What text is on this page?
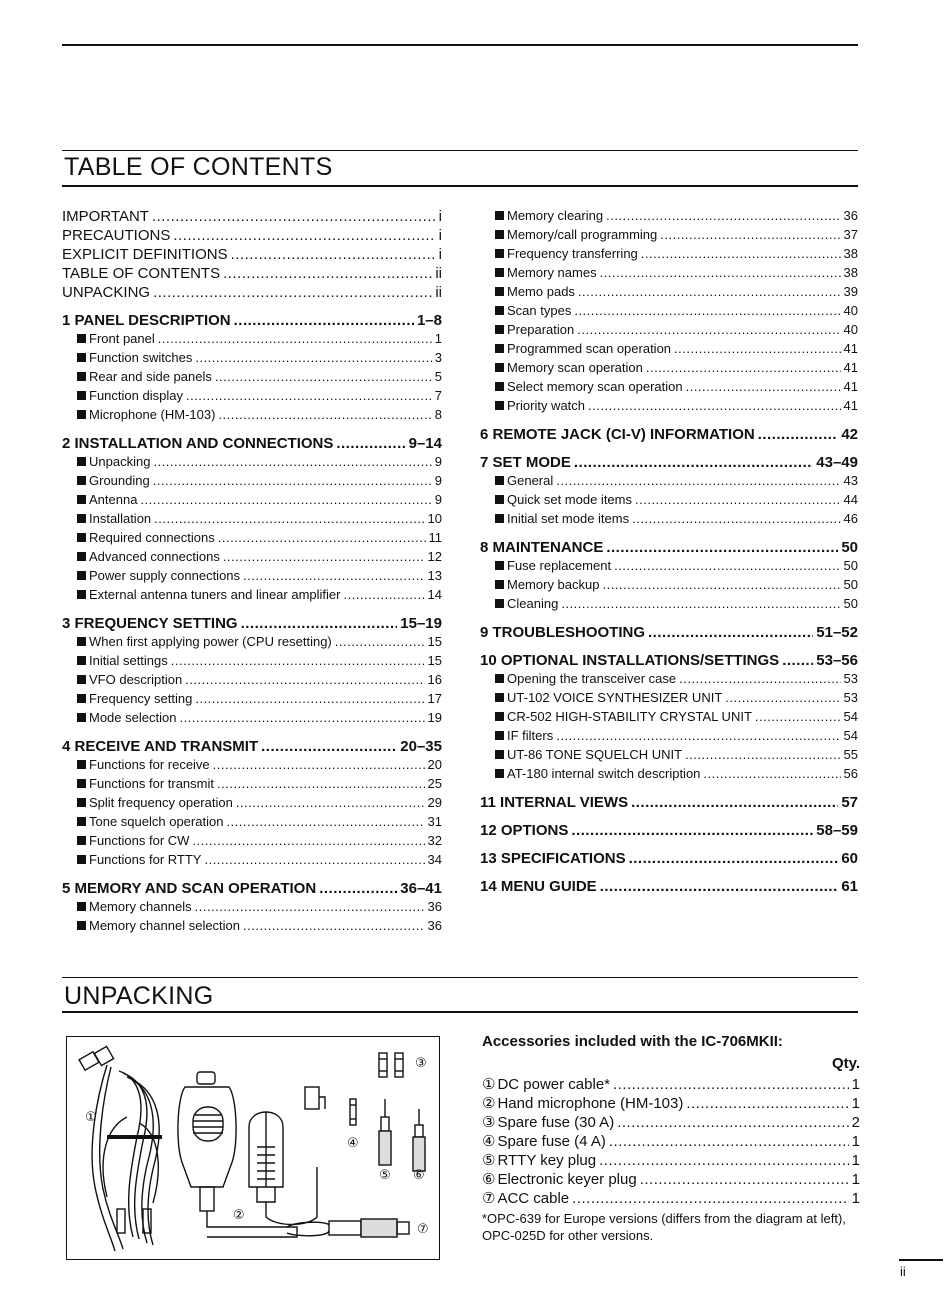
TABLE OF CONTENTS
IMPORTANT .....	i
PRECAUTIONS .....	i
EXPLICIT DEFINITIONS .....	i
TABLE OF CONTENTS .....	ii
UNPACKING .....	ii
1 PANEL DESCRIPTION .....	1–8
Front panel .....	1
Function switches .....	3
Rear and side panels .....	5
Function display .....	7
Microphone (HM-103) .....	8
2 INSTALLATION AND CONNECTIONS .....	9–14
Unpacking .....	9
Grounding .....	9
Antenna .....	9
Installation .....	10
Required connections .....	11
Advanced connections .....	12
Power supply connections .....	13
External antenna tuners and linear amplifier .....	14
3 FREQUENCY SETTING .....	15–19
When first applying power (CPU resetting) .....	15
Initial settings .....	15
VFO description .....	16
Frequency setting .....	17
Mode selection .....	19
4 RECEIVE AND TRANSMIT .....	20–35
Functions for receive .....	20
Functions for transmit .....	25
Split frequency operation .....	29
Tone squelch operation .....	31
Functions for CW .....	32
Functions for RTTY .....	34
5 MEMORY AND SCAN OPERATION .....	36–41
Memory channels .....	36
Memory channel selection .....	36
Memory clearing .....	36
Memory/call programming .....	37
Frequency transferring .....	38
Memory names .....	38
Memo pads .....	39
Scan types .....	40
Preparation .....	40
Programmed scan operation .....	41
Memory scan operation .....	41
Select memory scan operation .....	41
Priority watch .....	41
6 REMOTE JACK (CI-V) INFORMATION .....	42
7 SET MODE .....	43–49
General .....	43
Quick set mode items .....	44
Initial set mode items .....	46
8 MAINTENANCE .....	50
Fuse replacement .....	50
Memory backup .....	50
Cleaning .....	50
9 TROUBLESHOOTING .....	51–52
10 OPTIONAL INSTALLATIONS/SETTINGS ..... 53–56
Opening the transceiver case .....	53
UT-102 VOICE SYNTHESIZER UNIT .....	53
CR-502 HIGH-STABILITY CRYSTAL UNIT .....	54
IF filters .....	54
UT-86 TONE SQUELCH UNIT .....	55
AT-180 internal switch description .....	56
11 INTERNAL VIEWS .....	57
12 OPTIONS .....	58–59
13 SPECIFICATIONS .....	60
14 MENU GUIDE .....	61
UNPACKING
①
②
③
④
⑤ ⑥
⑦
Accessories included with the IC-706MKII:
Qty.
① DC power cable* .....	1
② Hand microphone (HM-103) .....	1
③ Spare fuse (30 A) .....	2
④ Spare fuse (4 A) .....	1
⑤ RTTY key plug .....	1
⑥ Electronic keyer plug .....	1
⑦ ACC cable .....	1
*OPC-639 for Europe versions (differs from the diagram at left), OPC-025D for other versions.
ii
